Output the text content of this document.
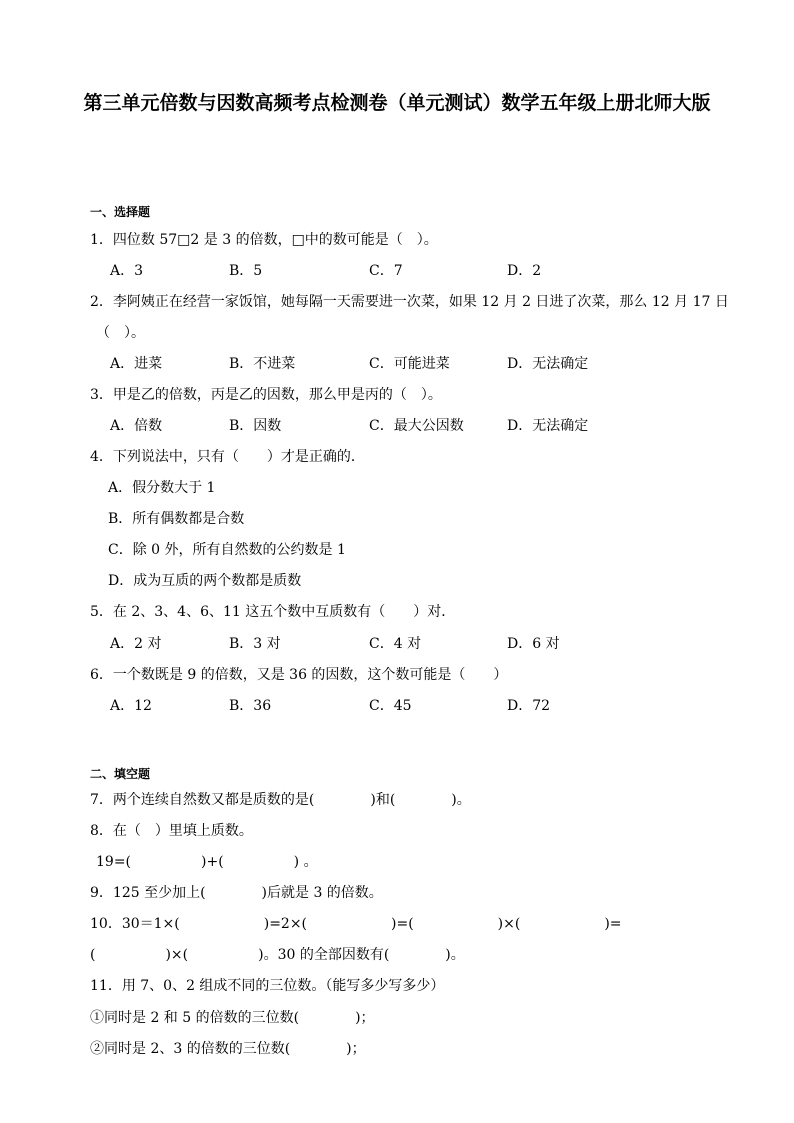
第三单元倍数与因数高频考点检测卷（单元测试）数学五年级上册北师大版
一、选择题
1．四位数 57□2 是 3 的倍数，□中的数可能是（　）。
A．3	B．5	C．7	D．2
2．李阿姨正在经营一家饭馆，她每隔一天需要进一次菜，如果 12 月 2 日进了次菜，那么 12 月 17 日
（　）。
A．进菜	B．不进菜	C．可能进菜	D．无法确定
3．甲是乙的倍数，丙是乙的因数，那么甲是丙的（　）。
A．倍数	B．因数	C．最大公因数	D．无法确定
4．下列说法中，只有（　　）才是正确的．
A．假分数大于 1
B．所有偶数都是合数
C．除 0 外，所有自然数的公约数是 1
D．成为互质的两个数都是质数
5．在 2、3、4、6、11 这五个数中互质数有（　　）对．
A．2 对	B．3 对	C．4 对	D．6 对
6．一个数既是 9 的倍数，又是 36 的因数，这个数可能是（　　）
A．12	B．36	C．45	D．72
二、填空题
7．两个连续自然数又都是质数的是(　　　　)和(　　　　)。
8．在（　）里填上质数。
19=(　　　　　)+(　　　　　) 。
9．125 至少加上(　　　　)后就是 3 的倍数。
10．30＝1×(　　　　　　)=2×(　　　　　　)=(　　　　　　)×(　　　　　　)=
(　　　　　)×(　　　　　)。30 的全部因数有(　　　　)。
11．用 7、0、2 组成不同的三位数。（能写多少写多少）
①同时是 2 和 5 的倍数的三位数(　　　　)；
②同时是 2、3 的倍数的三位数(　　　　)；
